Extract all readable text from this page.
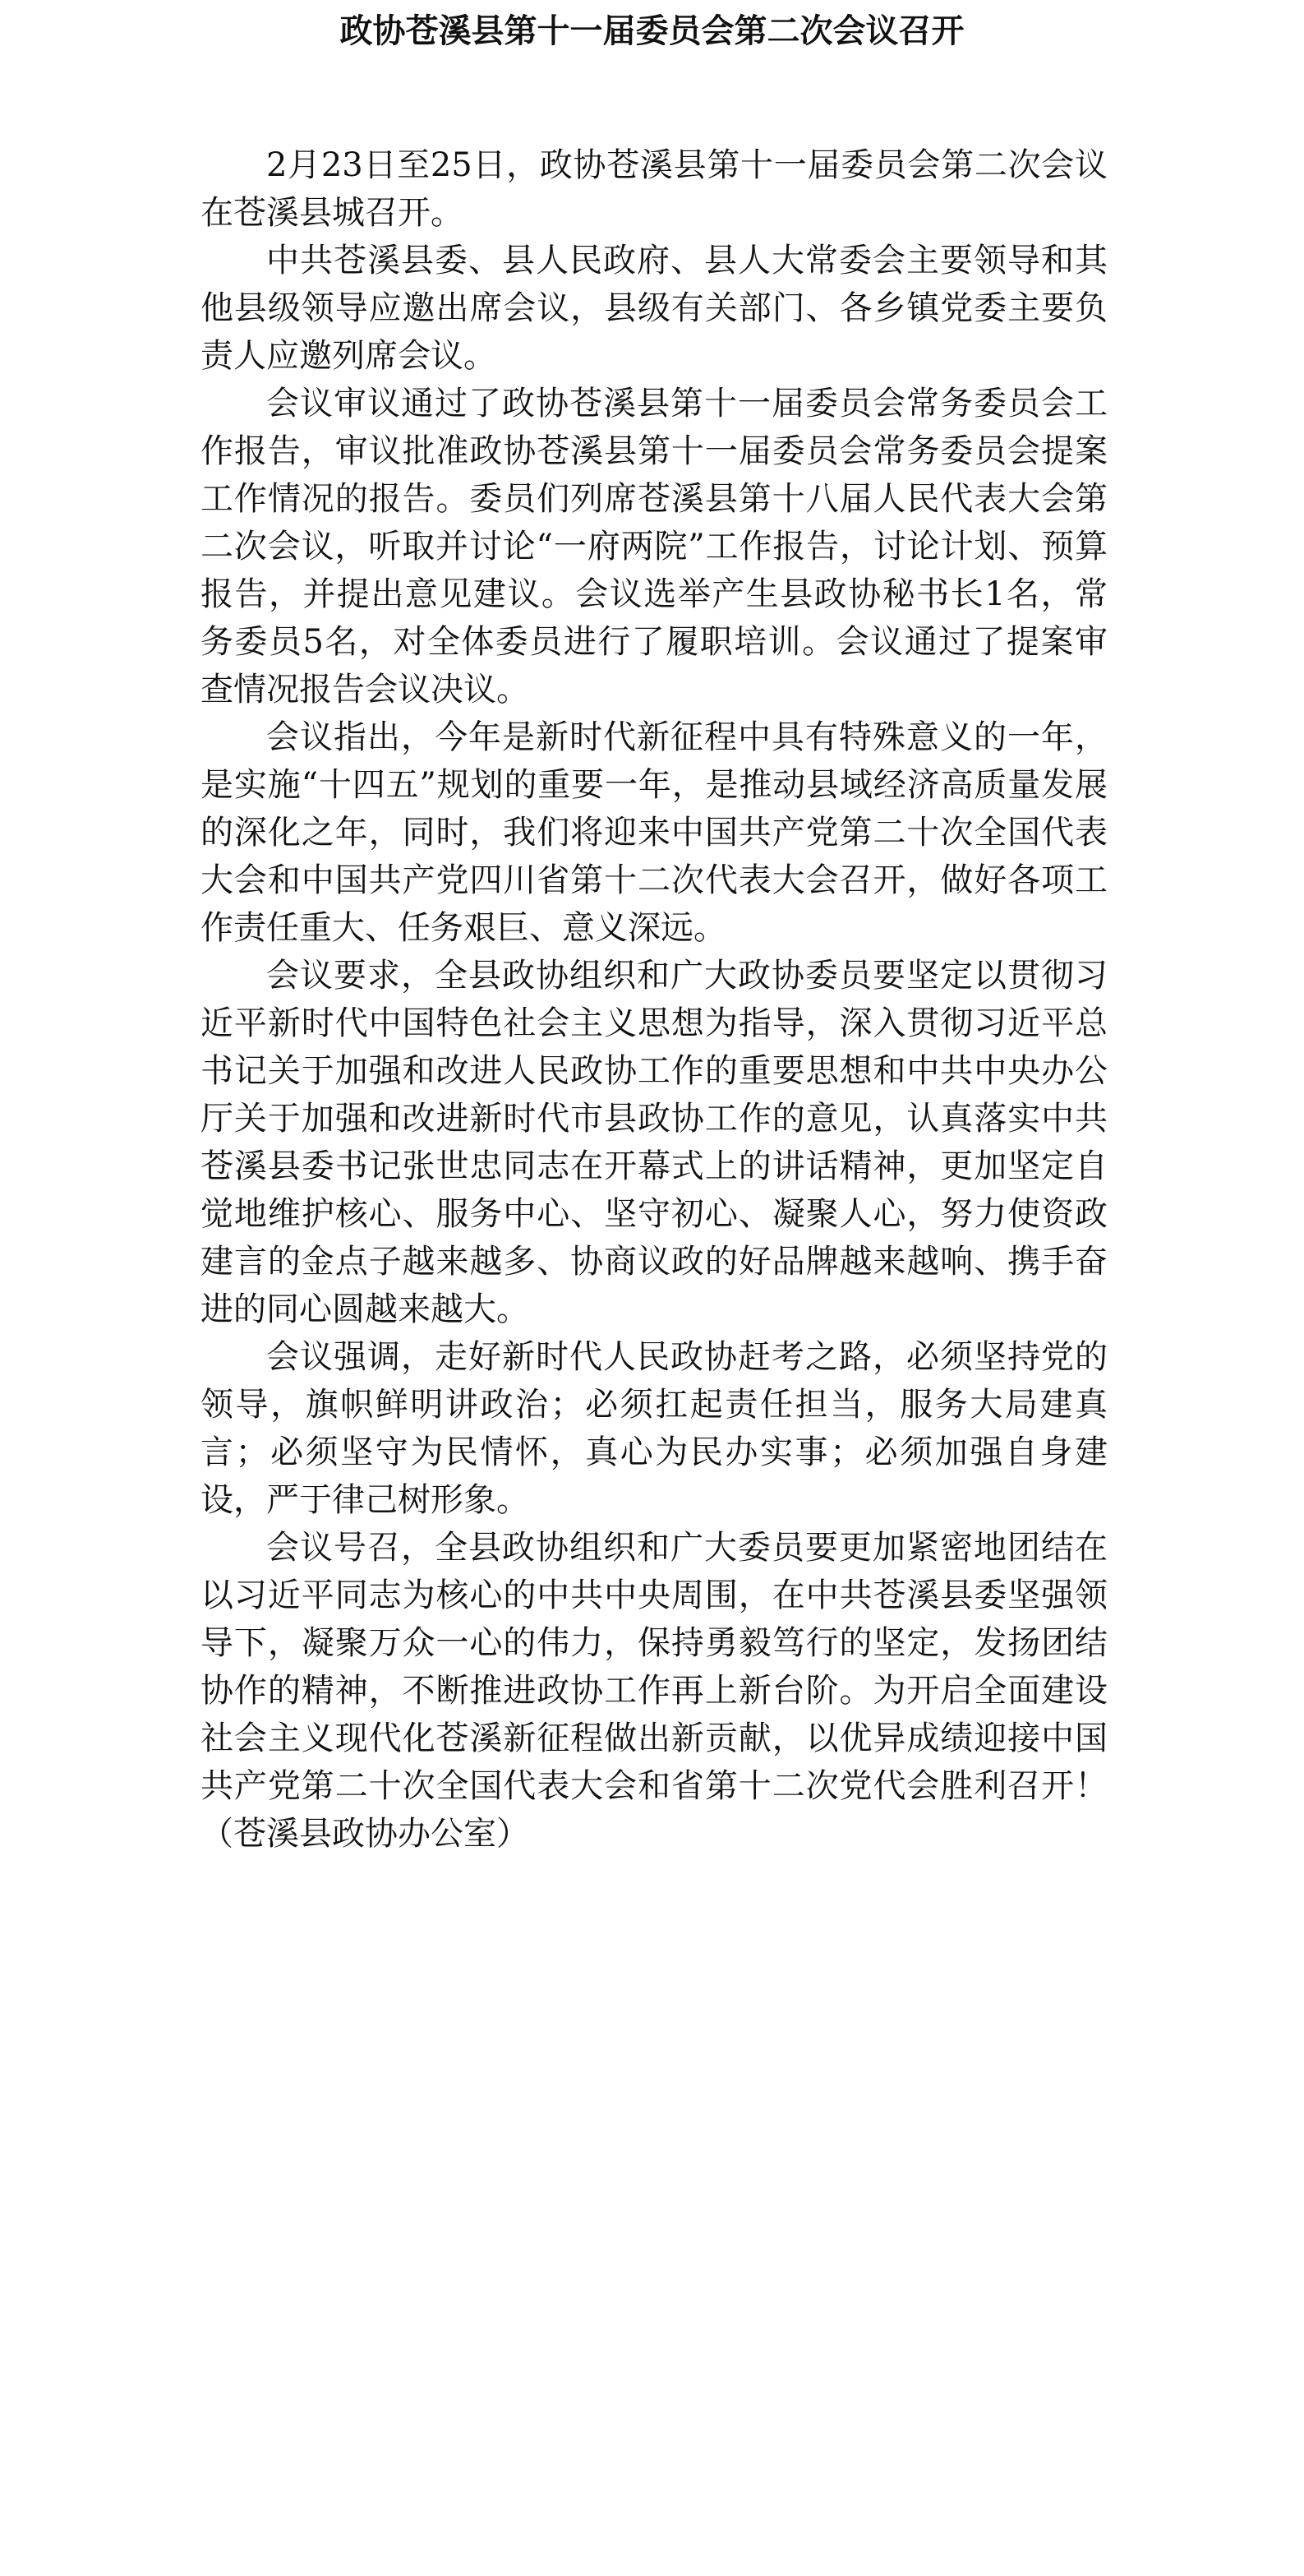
政协苍溪县第十一届委员会第二次会议召开

2月23日至25日，政协苍溪县第十一届委员会第二次会议在苍溪县城召开。

中共苍溪县委、县人民政府、县人大常委会主要领导和其他县级领导应邀出席会议，县级有关部门、各乡镇党委主要负责人应邀列席会议。

会议审议通过了政协苍溪县第十一届委员会常务委员会工作报告，审议批准政协苍溪县第十一届委员会常务委员会提案工作情况的报告。委员们列席苍溪县第十八届人民代表大会第二次会议，听取并讨论“一府两院”工作报告，讨论计划、预算报告，并提出意见建议。会议选举产生县政协秘书长1名，常务委员5名，对全体委员进行了履职培训。会议通过了提案审查情况报告会议决议。

会议指出，今年是新时代新征程中具有特殊意义的一年，是实施“十四五”规划的重要一年，是推动县域经济高质量发展的深化之年，同时，我们将迎来中国共产党第二十次全国代表大会和中国共产党四川省第十二次代表大会召开，做好各项工作责任重大、任务艰巨、意义深远。

会议要求，全县政协组织和广大政协委员要坚定以贯彻习近平新时代中国特色社会主义思想为指导，深入贯彻习近平总书记关于加强和改进人民政协工作的重要思想和中共中央办公厅关于加强和改进新时代市县政协工作的意见，认真落实中共苍溪县委书记张世忠同志在开幕式上的讲话精神，更加坚定自觉地维护核心、服务中心、坚守初心、凝聚人心，努力使资政建言的金点子越来越多、协商议政的好品牌越来越响、携手奋进的同心圆越来越大。

会议强调，走好新时代人民政协赶考之路，必须坚持党的领导，旗帜鲜明讲政治；必须扛起责任担当，服务大局建真言；必须坚守为民情怀，真心为民办实事；必须加强自身建设，严于律己树形象。

会议号召，全县政协组织和广大委员要更加紧密地团结在以习近平同志为核心的中共中央周围，在中共苍溪县委坚强领导下，凝聚万众一心的伟力，保持勇毅笃行的坚定，发扬团结协作的精神，不断推进政协工作再上新台阶。为开启全面建设社会主义现代化苍溪新征程做出新贡献，以优异成绩迎接中国共产党第二十次全国代表大会和省第十二次党代会胜利召开！（苍溪县政协办公室）
